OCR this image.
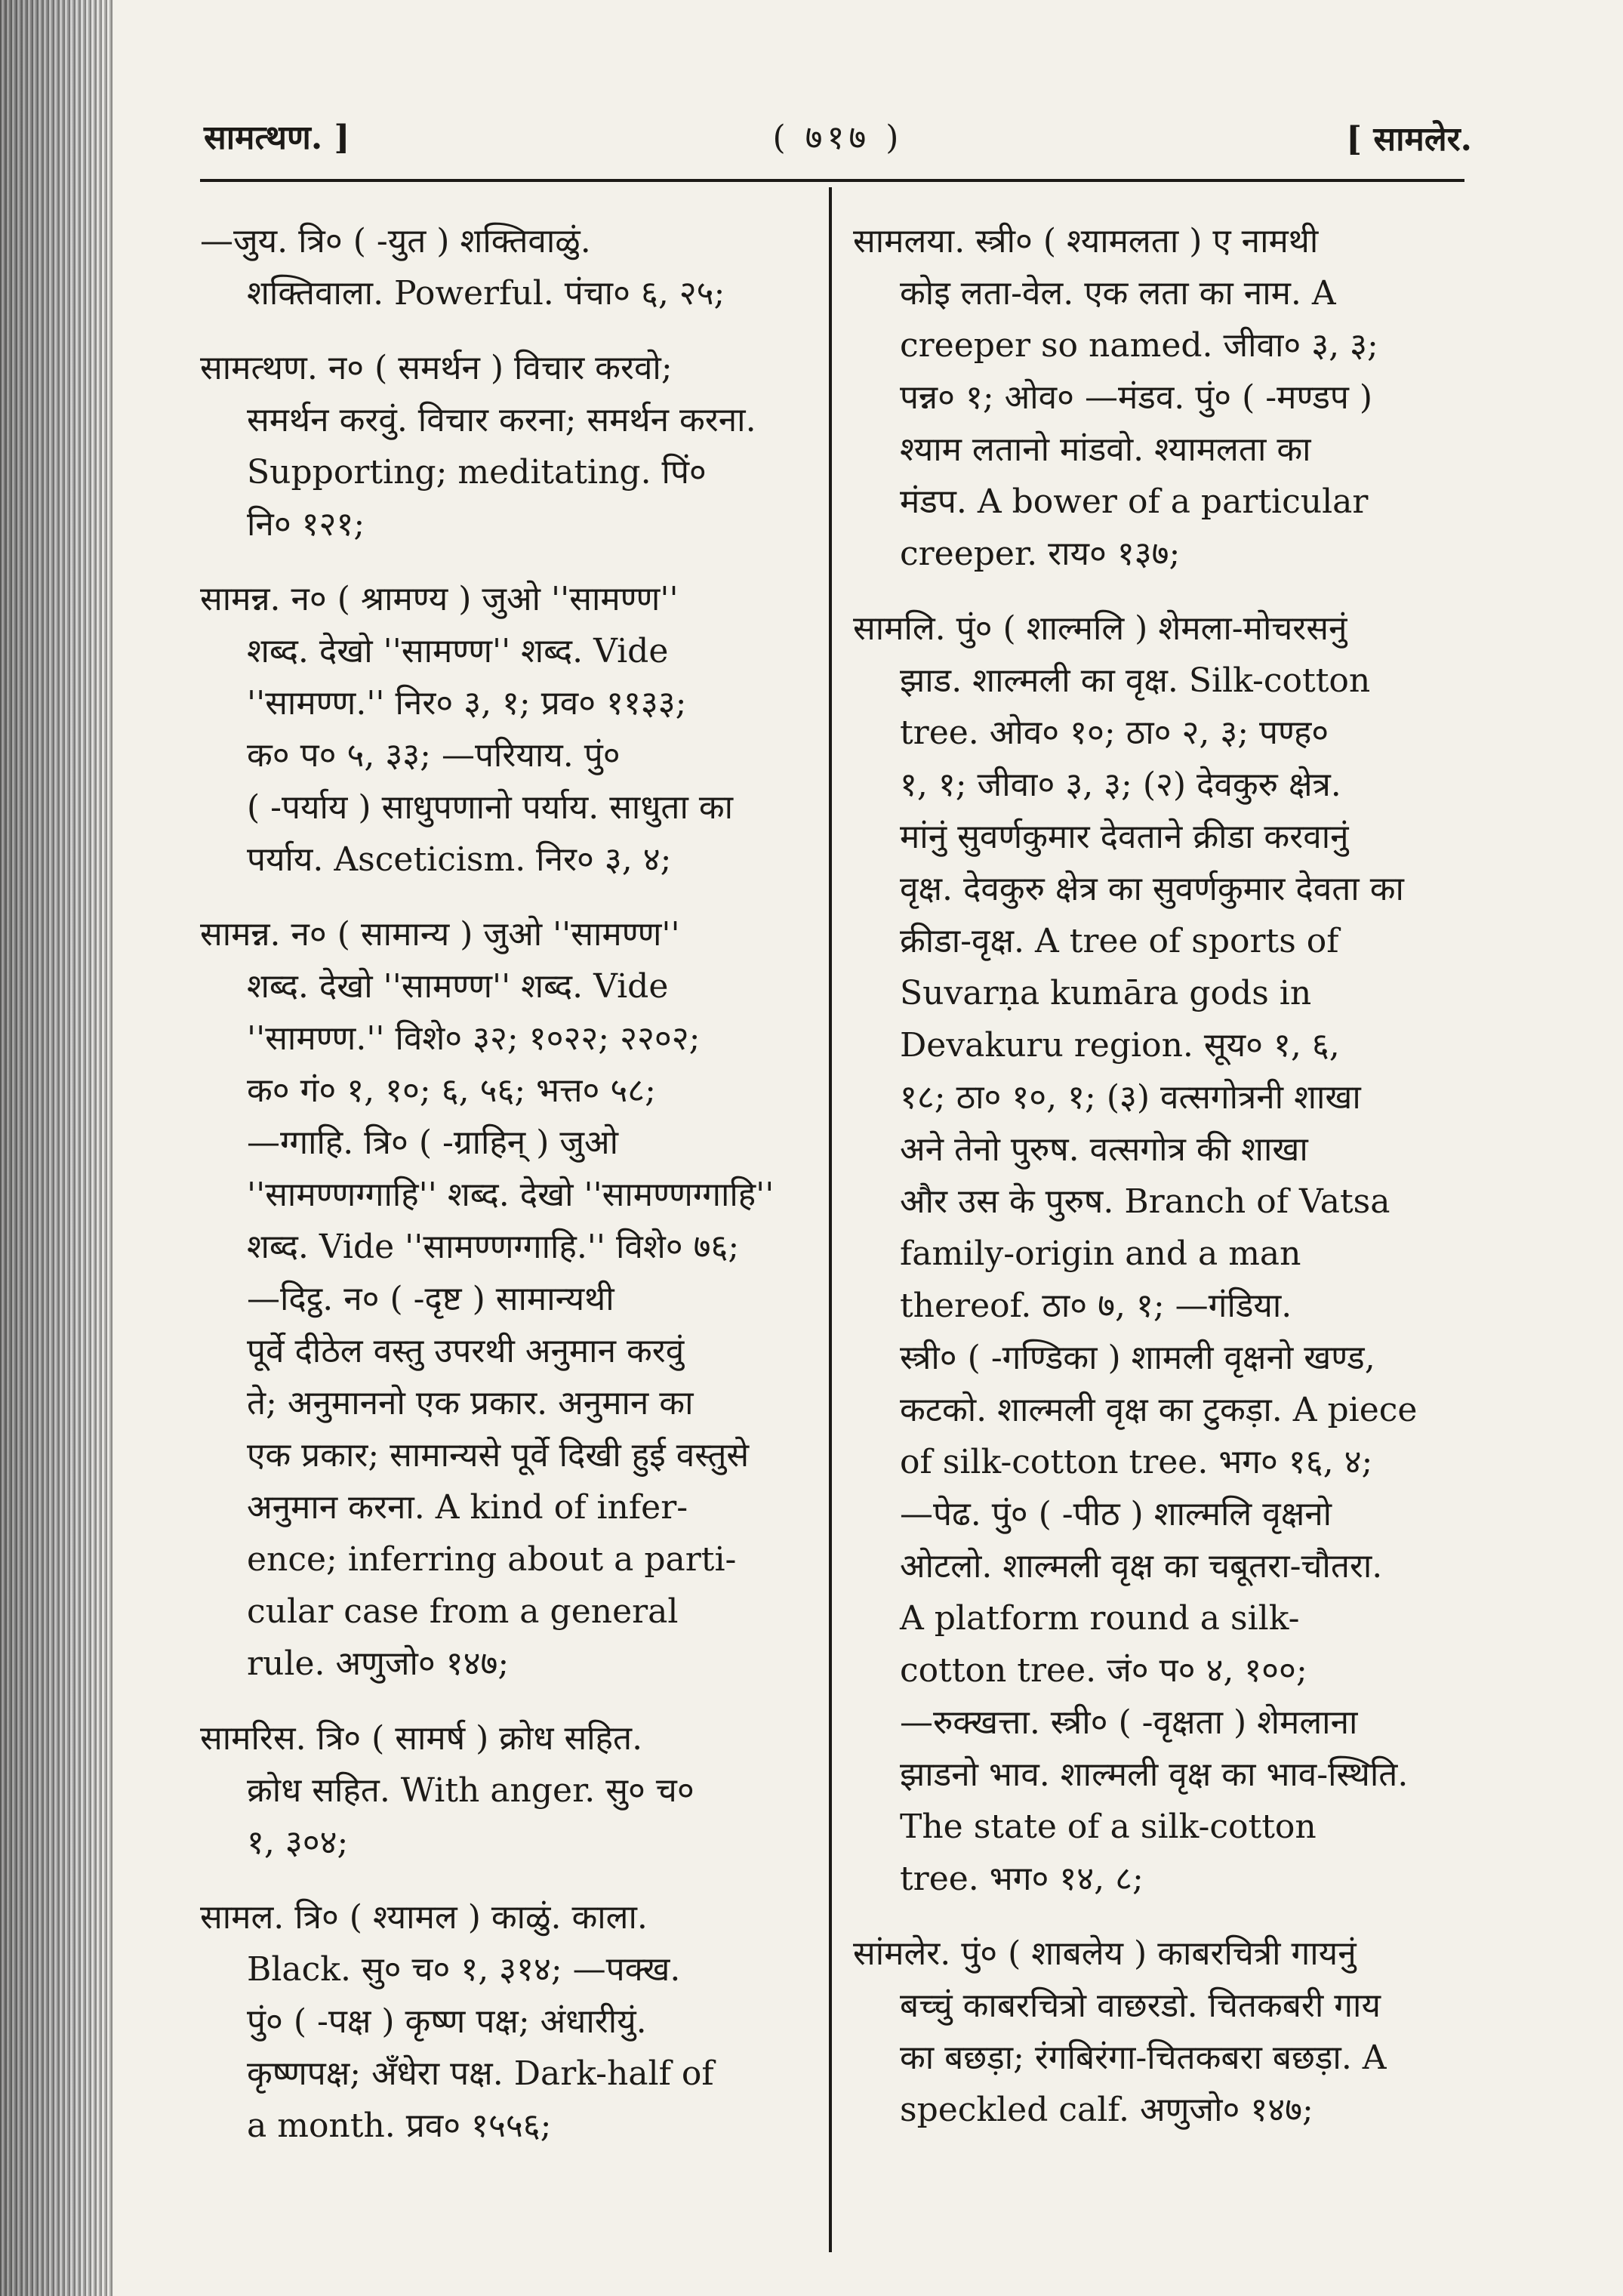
सामत्थण. ]	( ७१७ )	[ सामलेर.

—जुय. त्रि० ( -युत ) शक्तिवाळुं.

शक्तिवाला. Powerful. पंचा० ६, २५;

सामत्थण. न० ( समर्थन ) विचार करवो;

समर्थन करवुं. विचार करना; समर्थन करना.

Supporting; meditating. पिं०

नि० १२१;

सामन्न. न० ( श्रामण्य ) जुओ ''सामण्ण''

शब्द. देखो ''सामण्ण'' शब्द. Vide

''सामण्ण.'' निर० ३, १; प्रव० ११३३;

क० प० ५, ३३; —परियाय. पुं०

( -पर्याय ) साधुपणानो पर्याय. साधुता का

पर्याय. Asceticism. निर० ३, ४;

सामन्न. न० ( सामान्य ) जुओ ''सामण्ण''

शब्द. देखो ''सामण्ण'' शब्द. Vide

''सामण्ण.'' विशे० ३२; १०२२; २२०२;

क० गं० १, १०; ६, ५६; भत्त० ५८;

—ग्गाहि. त्रि० ( -ग्राहिन् ) जुओ

''सामण्णग्गाहि'' शब्द. देखो ''सामण्णग्गाहि''

शब्द. Vide ''सामण्णग्गाहि.'' विशे० ७६;

—दिट्ठ. न० ( -दृष्ट ) सामान्यथी

पूर्वे दीठेल वस्तु उपरथी अनुमान करवुं

ते; अनुमाननो एक प्रकार. अनुमान का

एक प्रकार; सामान्यसे पूर्वे दिखी हुई वस्तुसे

अनुमान करना. A kind of infer-

ence; inferring about a parti-

cular case from a general

rule. अणुजो० १४७;

सामरिस. त्रि० ( सामर्ष ) क्रोध सहित.

क्रोध सहित. With anger. सु० च०

१, ३०४;

सामल. त्रि० ( श्यामल ) काळुं. काला.

Black. सु० च० १, ३१४; —पक्ख.

पुं० ( -पक्ष ) कृष्ण पक्ष; अंधारीयुं.

कृष्णपक्ष; अँधेरा पक्ष. Dark-half of

a month. प्रव० १५५६;

सामलया. स्त्री० ( श्यामलता ) ए नामथी

कोइ लता-वेल. एक लता का नाम. A

creeper so named. जीवा० ३, ३;

पन्न० १; ओव० —मंडव. पुं० ( -मण्डप )

श्याम लतानो मांडवो. श्यामलता का

मंडप. A bower of a particular

creeper. राय० १३७;

सामलि. पुं० ( शाल्मलि ) शेमला-मोचरसनुं

झाड. शाल्मली का वृक्ष. Silk-cotton

tree. ओव० १०; ठा० २, ३; पण्ह०

१, १; जीवा० ३, ३; (२) देवकुरु क्षेत्र.

मांनुं सुवर्णकुमार देवताने क्रीडा करवानुं

वृक्ष. देवकुरु क्षेत्र का सुवर्णकुमार देवता का

क्रीडा-वृक्ष. A tree of sports of

Suvarṇa kumāra gods in

Devakuru region. सूय० १, ६,

१८; ठा० १०, १; (३) वत्सगोत्रनी शाखा

अने तेनो पुरुष. वत्सगोत्र की शाखा

और उस के पुरुष. Branch of Vatsa

family-origin and a man

thereof. ठा० ७, १; —गंडिया.

स्त्री० ( -गण्डिका ) शामली वृक्षनो खण्ड,

कटको. शाल्मली वृक्ष का टुकड़ा. A piece

of silk-cotton tree. भग० १६, ४;

—पेढ. पुं० ( -पीठ ) शाल्मलि वृक्षनो

ओटलो. शाल्मली वृक्ष का चबूतरा-चौतरा.

A platform round a silk-

cotton tree. जं० प० ४, १००;

—रुक्खत्ता. स्त्री० ( -वृक्षता ) शेमलाना

झाडनो भाव. शाल्मली वृक्ष का भाव-स्थिति.

The state of a silk-cotton

tree. भग० १४, ८;

सांमलेर. पुं० ( शाबलेय ) काबरचित्री गायनुं

बच्चुं काबरचित्रो वाछरडो. चितकबरी गाय

का बछड़ा; रंगबिरंगा-चितकबरा बछड़ा. A

speckled calf. अणुजो० १४७;
